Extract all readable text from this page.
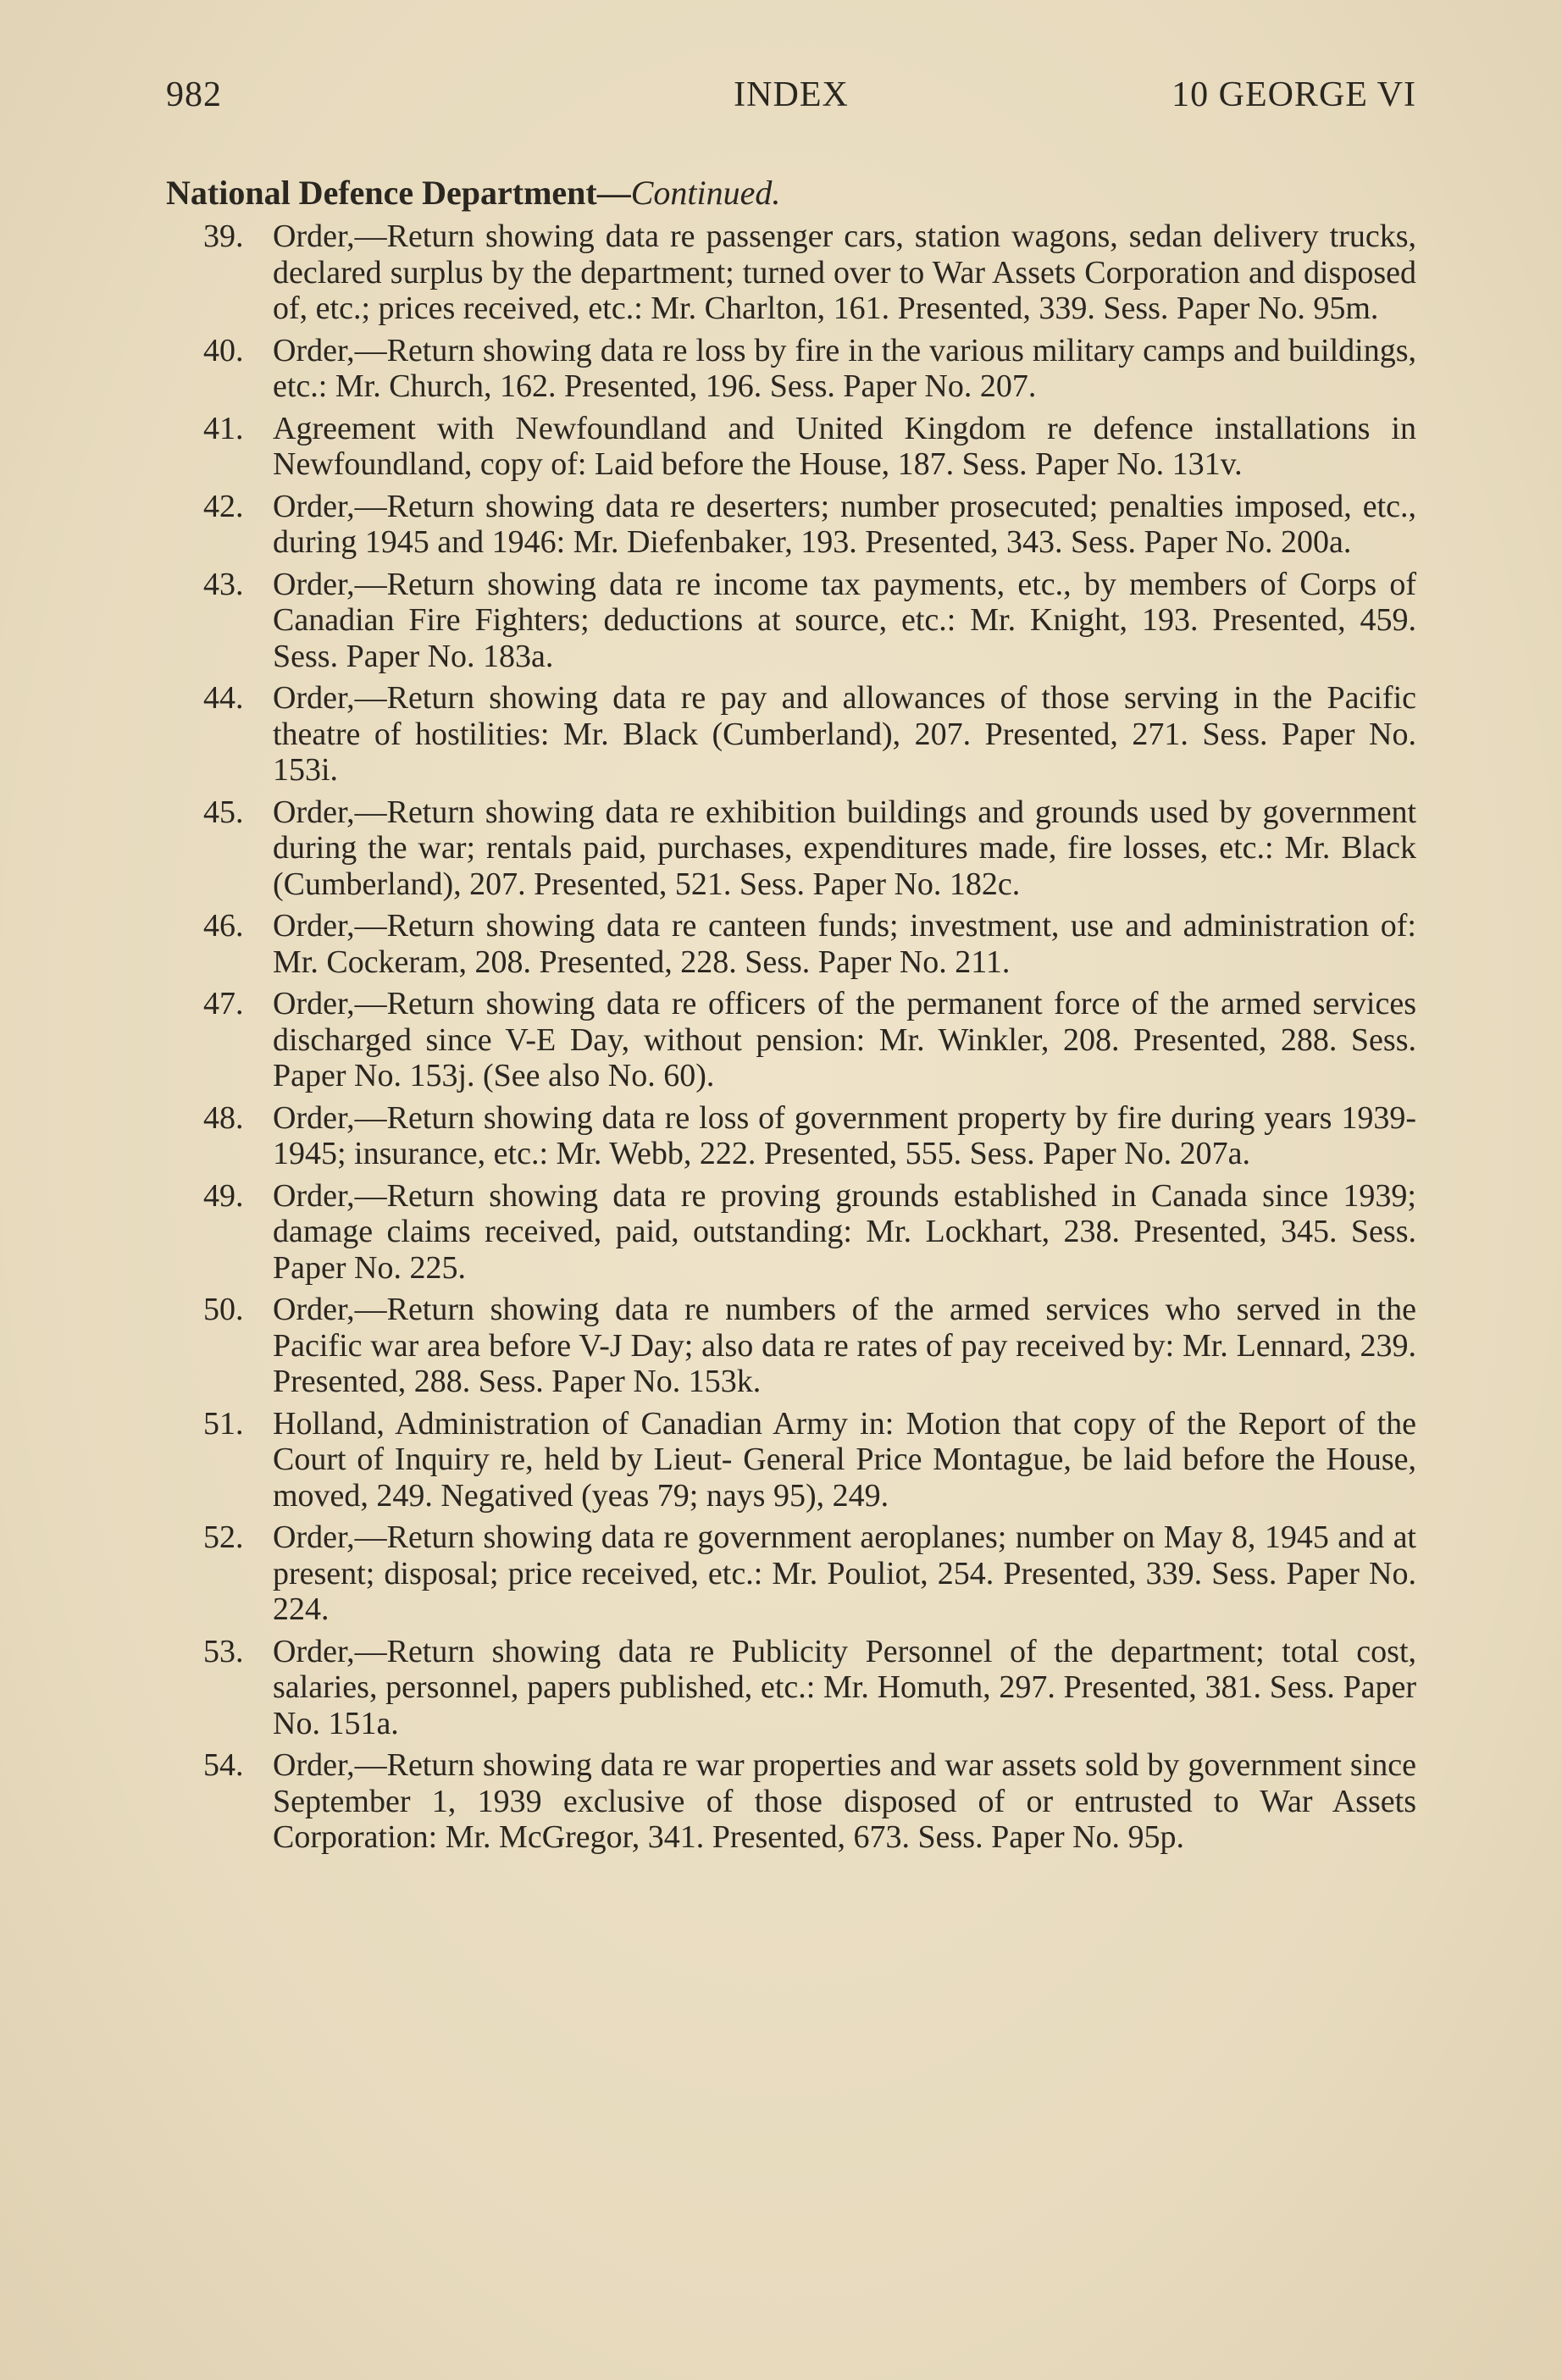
982	INDEX	10 GEORGE VI
National Defence Department—Continued.
39. Order,—Return showing data re passenger cars, station wagons, sedan delivery trucks, declared surplus by the department; turned over to War Assets Corporation and disposed of, etc.; prices received, etc.: Mr. Charlton, 161. Presented, 339. Sess. Paper No. 95m.
40. Order,—Return showing data re loss by fire in the various military camps and buildings, etc.: Mr. Church, 162. Presented, 196. Sess. Paper No. 207.
41. Agreement with Newfoundland and United Kingdom re defence installations in Newfoundland, copy of: Laid before the House, 187. Sess. Paper No. 131v.
42. Order,—Return showing data re deserters; number prosecuted; penalties imposed, etc., during 1945 and 1946: Mr. Diefenbaker, 193. Presented, 343. Sess. Paper No. 200a.
43. Order,—Return showing data re income tax payments, etc., by members of Corps of Canadian Fire Fighters; deductions at source, etc.: Mr. Knight, 193. Presented, 459. Sess. Paper No. 183a.
44. Order,—Return showing data re pay and allowances of those serving in the Pacific theatre of hostilities: Mr. Black (Cumberland), 207. Presented, 271. Sess. Paper No. 153i.
45. Order,—Return showing data re exhibition buildings and grounds used by government during the war; rentals paid, purchases, expenditures made, fire losses, etc.: Mr. Black (Cumberland), 207. Presented, 521. Sess. Paper No. 182c.
46. Order,—Return showing data re canteen funds; investment, use and administration of: Mr. Cockeram, 208. Presented, 228. Sess. Paper No. 211.
47. Order,—Return showing data re officers of the permanent force of the armed services discharged since V-E Day, without pension: Mr. Winkler, 208. Presented, 288. Sess. Paper No. 153j. (See also No. 60).
48. Order,—Return showing data re loss of government property by fire during years 1939-1945; insurance, etc.: Mr. Webb, 222. Presented, 555. Sess. Paper No. 207a.
49. Order,—Return showing data re proving grounds established in Canada since 1939; damage claims received, paid, outstanding: Mr. Lockhart, 238. Presented, 345. Sess. Paper No. 225.
50. Order,—Return showing data re numbers of the armed services who served in the Pacific war area before V-J Day; also data re rates of pay received by: Mr. Lennard, 239. Presented, 288. Sess. Paper No. 153k.
51. Holland, Administration of Canadian Army in: Motion that copy of the Report of the Court of Inquiry re, held by Lieut- General Price Montague, be laid before the House, moved, 249. Negatived (yeas 79; nays 95), 249.
52. Order,—Return showing data re government aeroplanes; number on May 8, 1945 and at present; disposal; price received, etc.: Mr. Pouliot, 254. Presented, 339. Sess. Paper No. 224.
53. Order,—Return showing data re Publicity Personnel of the department; total cost, salaries, personnel, papers published, etc.: Mr. Homuth, 297. Presented, 381. Sess. Paper No. 151a.
54. Order,—Return showing data re war properties and war assets sold by government since September 1, 1939 exclusive of those disposed of or entrusted to War Assets Corporation: Mr. McGregor, 341. Presented, 673. Sess. Paper No. 95p.
